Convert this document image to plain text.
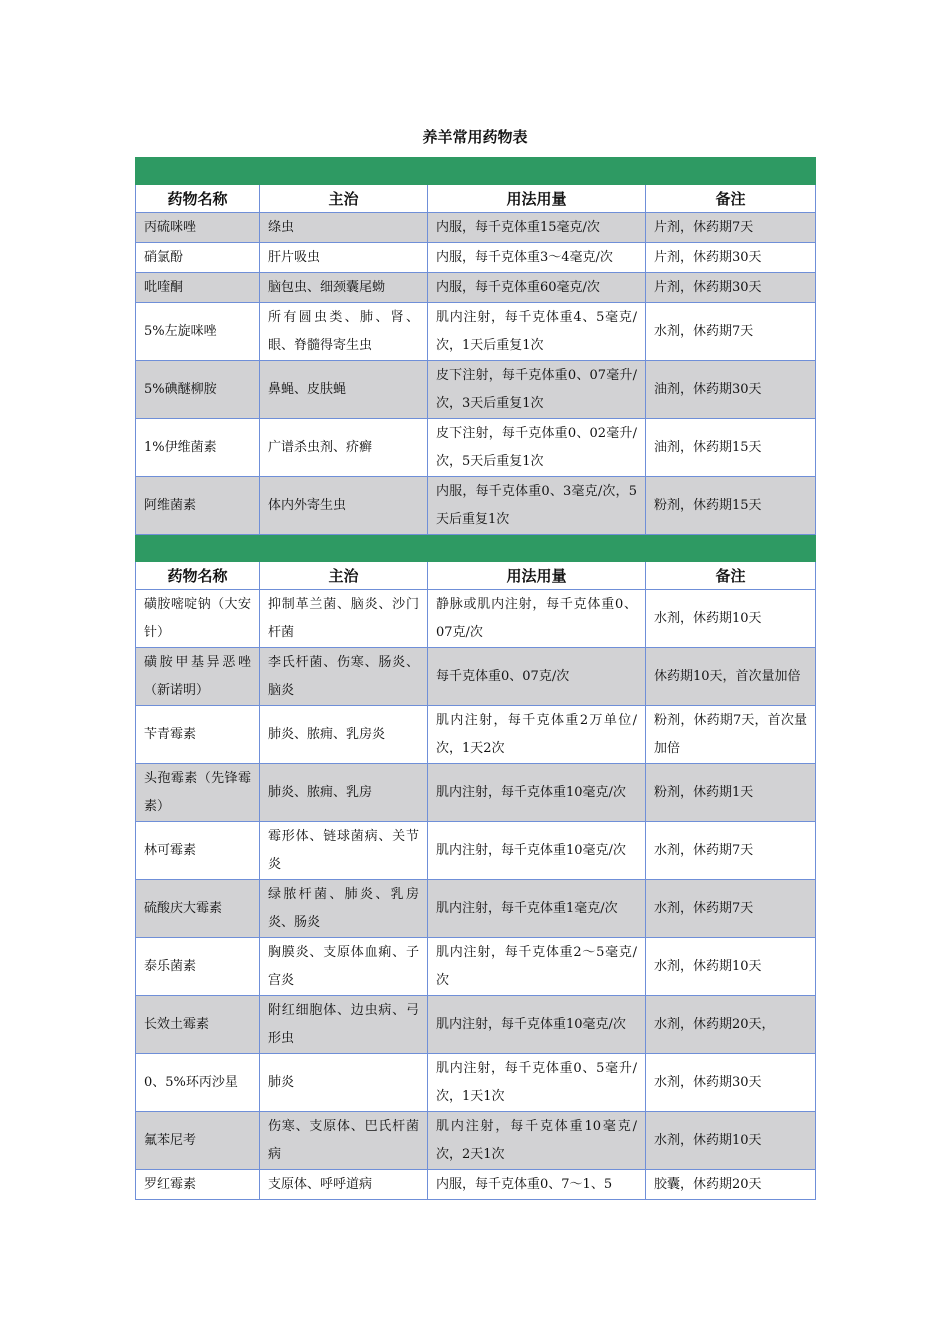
养羊常用药物表

药物名称	主治	用法用量	备注
丙硫咪唑	绦虫	内服，每千克体重15毫克/次	片剂，休药期7天
硝氯酚	肝片吸虫	内服，每千克体重3～4毫克/次	片剂，休药期30天
吡喹酮	脑包虫、细颈囊尾蚴	内服，每千克体重60毫克/次	片剂，休药期30天
5%左旋咪唑	所有圆虫类、肺、肾、眼、脊髓得寄生虫	肌内注射，每千克体重4、5毫克/次，1天后重复1次	水剂，休药期7天
5%碘醚柳胺	鼻蝇、皮肤蝇	皮下注射，每千克体重0、07毫升/次，3天后重复1次	油剂，休药期30天
1%伊维菌素	广谱杀虫剂、疥癣	皮下注射，每千克体重0、02毫升/次，5天后重复1次	油剂，休药期15天
阿维菌素	体内外寄生虫	内服，每千克体重0、3毫克/次，5天后重复1次	粉剂，休药期15天

药物名称	主治	用法用量	备注
磺胺嘧啶钠（大安针）	抑制革兰菌、脑炎、沙门杆菌	静脉或肌内注射，每千克体重0、07克/次	水剂，休药期10天
磺胺甲基异恶唑（新诺明）	李氏杆菌、伤寒、肠炎、脑炎	每千克体重0、07克/次	休药期10天，首次量加倍
苄青霉素	肺炎、脓痈、乳房炎	肌内注射，每千克体重2万单位/次，1天2次	粉剂，休药期7天，首次量加倍
头孢霉素（先锋霉素）	肺炎、脓痈、乳房	肌内注射，每千克体重10毫克/次	粉剂，休药期1天
林可霉素	霉形体、链球菌病、关节炎	肌内注射，每千克体重10毫克/次	水剂，休药期7天
硫酸庆大霉素	绿脓杆菌、肺炎、乳房炎、肠炎	肌内注射，每千克体重1毫克/次	水剂，休药期7天
泰乐菌素	胸膜炎、支原体血痢、子宫炎	肌内注射，每千克体重2～5毫克/次	水剂，休药期10天
长效土霉素	附红细胞体、边虫病、弓形虫	肌内注射，每千克体重10毫克/次	水剂，休药期20天，
0、5%环丙沙星	肺炎	肌内注射，每千克体重0、5毫升/次，1天1次	水剂，休药期30天
氟苯尼考	伤寒、支原体、巴氏杆菌病	肌内注射，每千克体重10毫克/次，2天1次	水剂，休药期10天
罗红霉素	支原体、呼呼道病	内服，每千克体重0、7～1、5	胶囊，休药期20天
